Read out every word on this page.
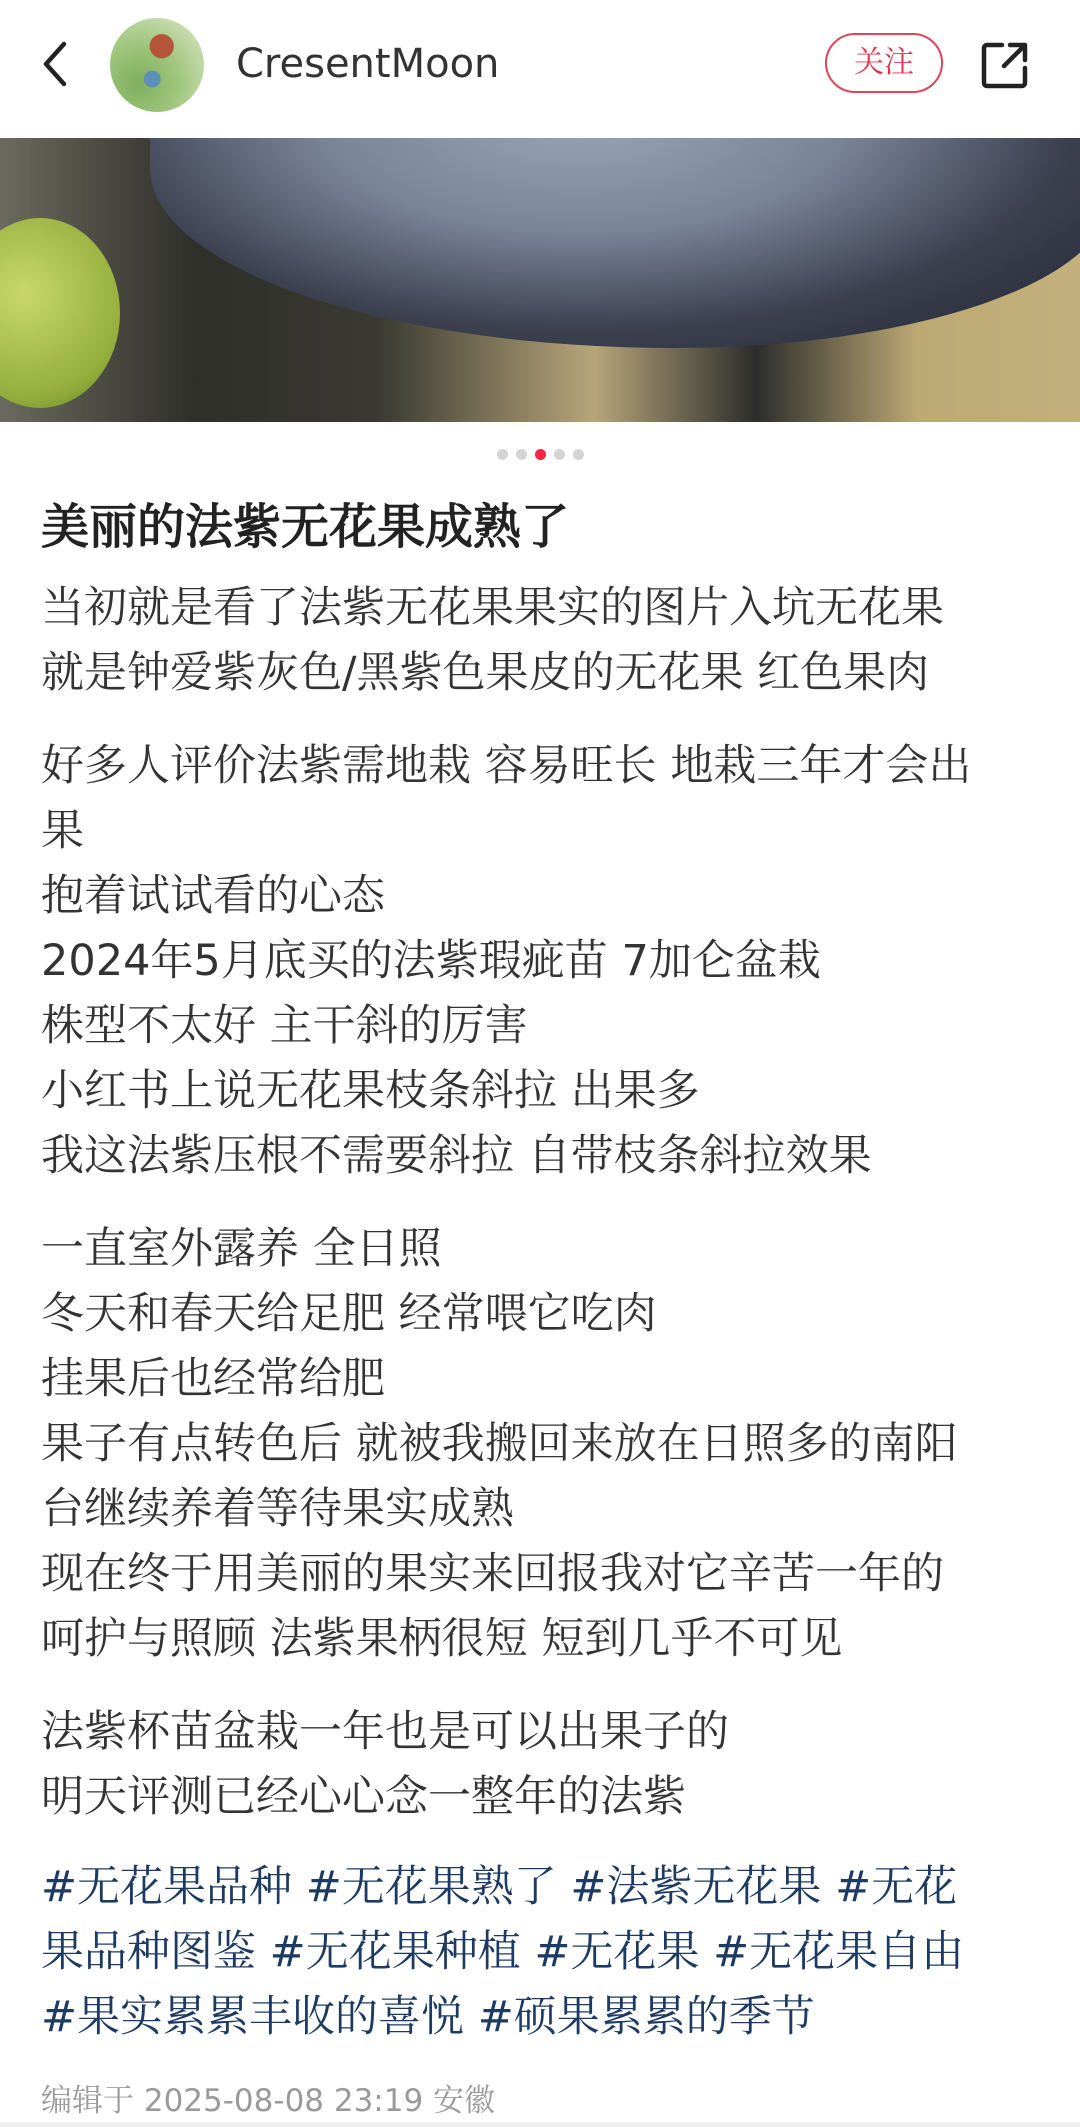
CresentMoon	关注
美丽的法紫无花果成熟了
当初就是看了法紫无花果果实的图片入坑无花果
就是钟爱紫灰色/黑紫色果皮的无花果 红色果肉
好多人评价法紫需地栽 容易旺长 地栽三年才会出
果
抱着试试看的心态
2024年5月底买的法紫瑕疵苗 7加仑盆栽
株型不太好 主干斜的厉害
小红书上说无花果枝条斜拉 出果多
我这法紫压根不需要斜拉 自带枝条斜拉效果
一直室外露养 全日照
冬天和春天给足肥 经常喂它吃肉
挂果后也经常给肥
果子有点转色后 就被我搬回来放在日照多的南阳
台继续养着等待果实成熟
现在终于用美丽的果实来回报我对它辛苦一年的
呵护与照顾 法紫果柄很短 短到几乎不可见
法紫杯苗盆栽一年也是可以出果子的
明天评测已经心心念一整年的法紫
#无花果品种 #无花果熟了 #法紫无花果 #无花
果品种图鉴 #无花果种植 #无花果 #无花果自由
#果实累累丰收的喜悦 #硕果累累的季节
编辑于 2025-08-08 23:19 安徽
